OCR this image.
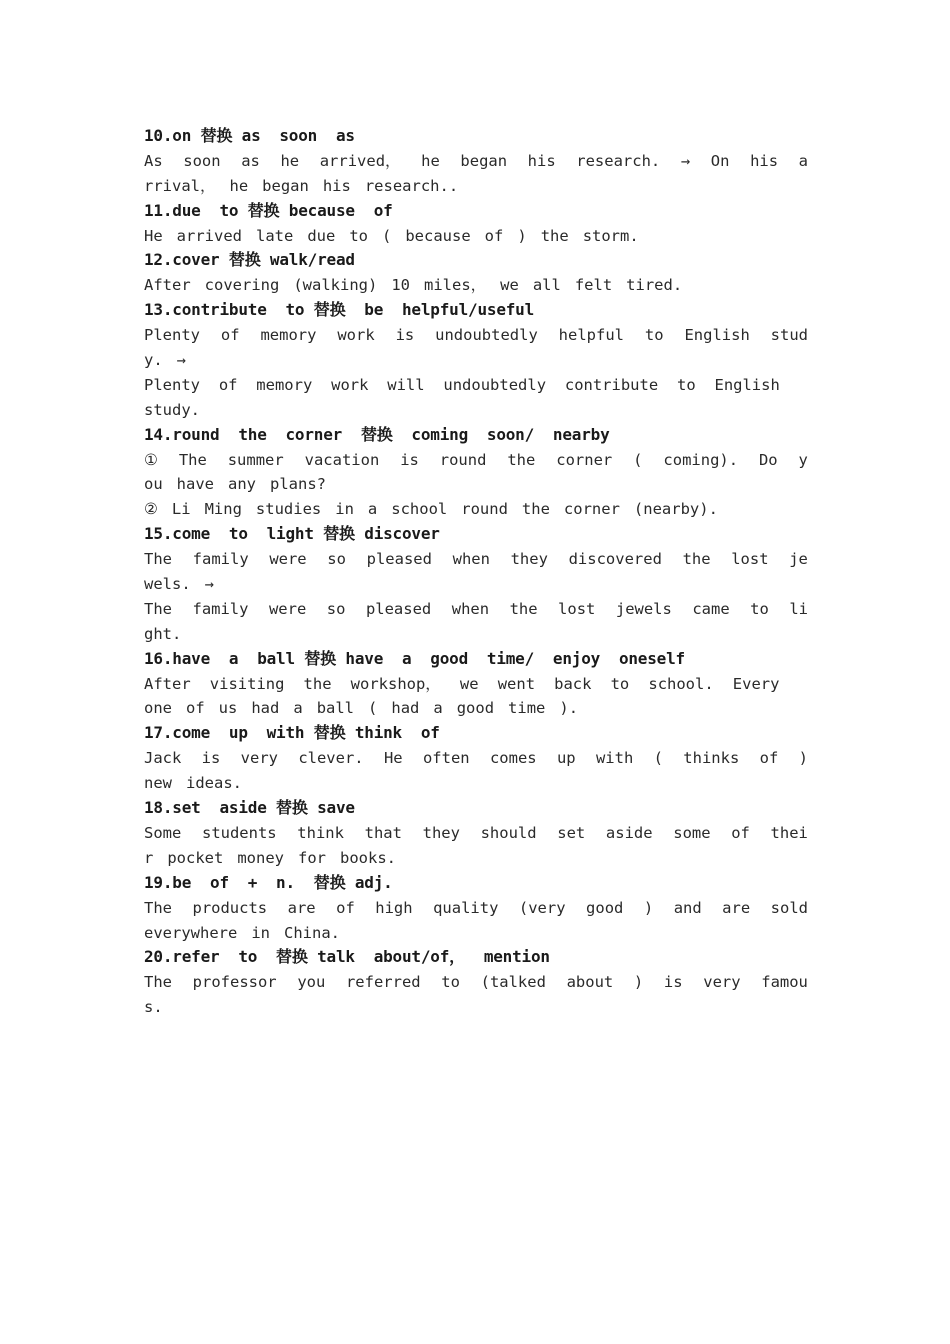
10.on 替换 as  soon  as
As soon as he arrived， he began his research. → On his a
rrival， he began his research..
11.due  to 替换 because  of
He arrived late due to ( because of ) the storm.
12.cover 替换 walk/read
After covering (walking) 10 miles， we all felt tired.
13.contribute  to 替换  be  helpful/useful
Plenty of memory work is undoubtedly helpful to English stud
y. →
Plenty of memory work will undoubtedly contribute to English

study.
14.round  the  corner  替换  coming  soon/  nearby
① The summer vacation is round the corner ( coming). Do y
ou have any plans?
② Li Ming studies in a school round the corner (nearby).
15.come  to  light 替换 discover
The family were so pleased when they discovered the lost je
wels. →
The family were so pleased when the lost jewels came to li
ght.
16.have  a  ball 替换 have  a  good  time/  enjoy  oneself
After visiting the workshop， we went back to school. Every

one of us had a ball ( had a good time ).
17.come  up  with 替换 think  of
Jack is very clever. He often comes up with ( thinks of )
new ideas.
18.set  aside 替换 save
Some students think that they should set aside some of thei
r pocket money for books.
19.be  of  +  n.  替换 adj.
The products are of high quality (very good ) and are sold
everywhere in China.
20.refer  to  替换 talk  about/of，  mention
The professor you referred to (talked about ) is very famou
s.
